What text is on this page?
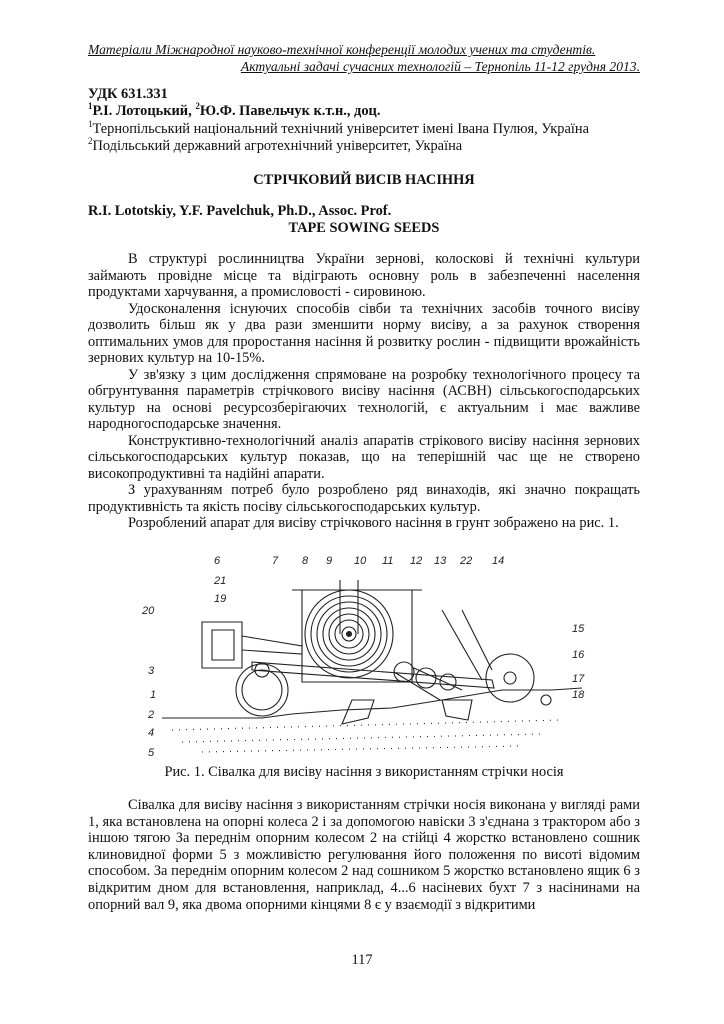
Матеріали Міжнародної науково-технічної конференції молодих учених та студентів.
Актуальні задачі сучасних технологій – Тернопіль 11-12 грудня 2013.
УДК 631.331
$^1$Р.І. Лотоцький, $^2$Ю.Ф. Павельчук к.т.н., доц.
$^1$Тернопільський національний технічний університет імені Івана Пулюя, Україна
$^2$Подільський державний агротехнічний університет, Україна
СТРІЧКОВИЙ ВИСІВ НАСІННЯ
R.I. Lototskiy, Y.F. Pavelchuk, Ph.D., Assoc. Prof.
TAPE SOWING SEEDS

В структурі рослинництва України зернові, колоскові й технічні культури займають провідне місце та відіграють основну роль в забезпеченні населення продуктами харчування, а промисловості - сировиною.

Удосконалення існуючих способів сівби та технічних засобів точного висіву дозволить більш як у два рази зменшити норму висіву, а за рахунок створення оптимальних умов для проростання насіння й розвитку рослин - підвищити врожайність зернових культур на 10-15%.

У зв'язку з цим дослідження спрямоване на розробку технологічного процесу та обгрунтування параметрів стрічкового висіву насіння (АСВН) сільськогосподарських культур на основі ресурсозберігаючих технологій, є актуальним і має важливе народногосподарське значення.

Конструктивно-технологічний аналіз апаратів стрікового висіву насіння зернових сільськогосподарських культур показав, що на теперішній час ще не створено високопродуктивні та надійні апарати.

З урахуванням потреб було розроблено ряд винаходів, які значно покращать продуктивність та якість посіву сільськогосподарських культур.

Розроблений апарат для висіву стрічкового насіння в грунт зображено на рис. 1.

6	7 8 9 10 11 12 13 22 14
21
19
20
3
1
2
4
5
15
16
17
18
Рис. 1. Сівалка для висіву насіння з використанням стрічки носія

Сівалка для висіву насіння з використанням стрічки носія виконана у вигляді рами 1, яка встановлена на опорні колеса 2 і за допомогою навіски 3 з'єднана з трактором або з іншою тягою За переднім опорним колесом 2 на стійці 4 жорстко встановлено сошник клиновидної форми 5 з можливістю регулювання його положення по висоті відомим способом. За переднім опорним колесом 2 над сошником 5 жорстко встановлено ящик 6 з відкритим дном для встановлення, наприклад, 4...6 насіневих бухт 7 з насінинами на опорний вал 9, яка двома опорними кінцями 8 є у взаємодії з відкритими

117
